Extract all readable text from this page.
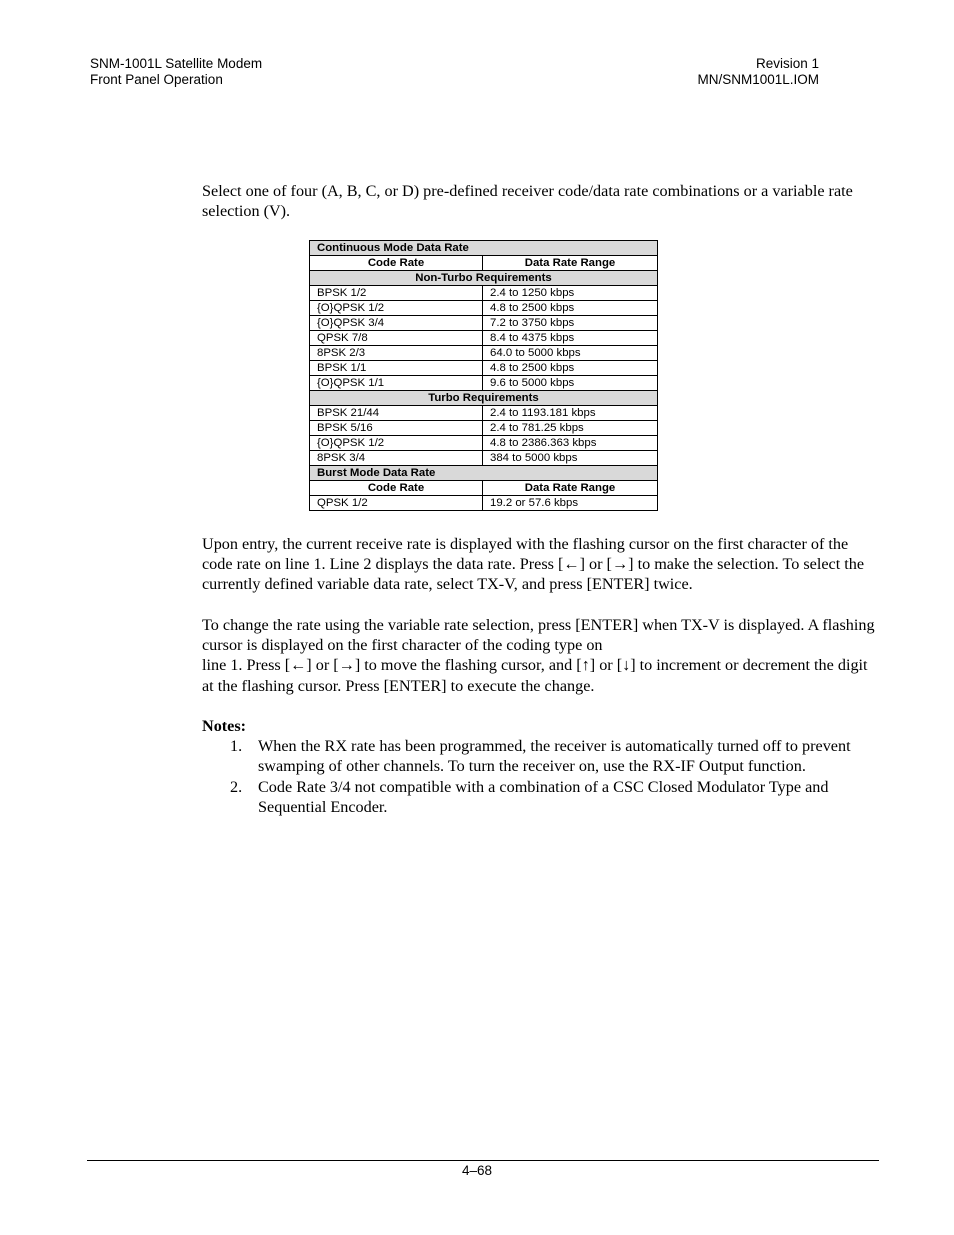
SNM-1001L Satellite Modem
Front Panel Operation
Revision 1
MN/SNM1001L.IOM
Select one of four (A, B, C, or D) pre-defined receiver code/data rate combinations or a variable rate selection (V).
Continuous Mode Data Rate	
Code Rate	Data Rate Range
Non-Turbo Requirements	
BPSK 1/2	2.4 to 1250 kbps
{O}QPSK 1/2	4.8 to 2500 kbps
{O}QPSK 3/4	7.2 to 3750 kbps
QPSK 7/8	8.4 to 4375 kbps
8PSK 2/3	64.0 to 5000 kbps
BPSK 1/1	4.8 to 2500 kbps
{O}QPSK 1/1	9.6 to 5000 kbps
Turbo Requirements	
BPSK 21/44	2.4 to 1193.181 kbps
BPSK 5/16	2.4 to 781.25 kbps
{O}QPSK 1/2	4.8 to 2386.363 kbps
8PSK 3/4	384 to 5000 kbps
Burst Mode Data Rate	
Code Rate	Data Rate Range
QPSK 1/2	19.2 or 57.6 kbps
Upon entry, the current receive rate is displayed with the flashing cursor on the first character of the code rate on line 1. Line 2 displays the data rate. Press [←] or [→] to make the selection. To select the currently defined variable data rate, select TX-V, and press [ENTER] twice.
To change the rate using the variable rate selection, press [ENTER] when TX-V is displayed. A flashing cursor is displayed on the first character of the coding type on
line 1. Press [←] or [→] to move the flashing cursor, and [↑] or [↓] to increment or decrement the digit at the flashing cursor. Press [ENTER] to execute the change.
Notes:
1. When the RX rate has been programmed, the receiver is automatically turned off to prevent swamping of other channels. To turn the receiver on, use the RX-IF Output function.
2. Code Rate 3/4 not compatible with a combination of a CSC Closed Modulator Type and Sequential Encoder.
4–68
